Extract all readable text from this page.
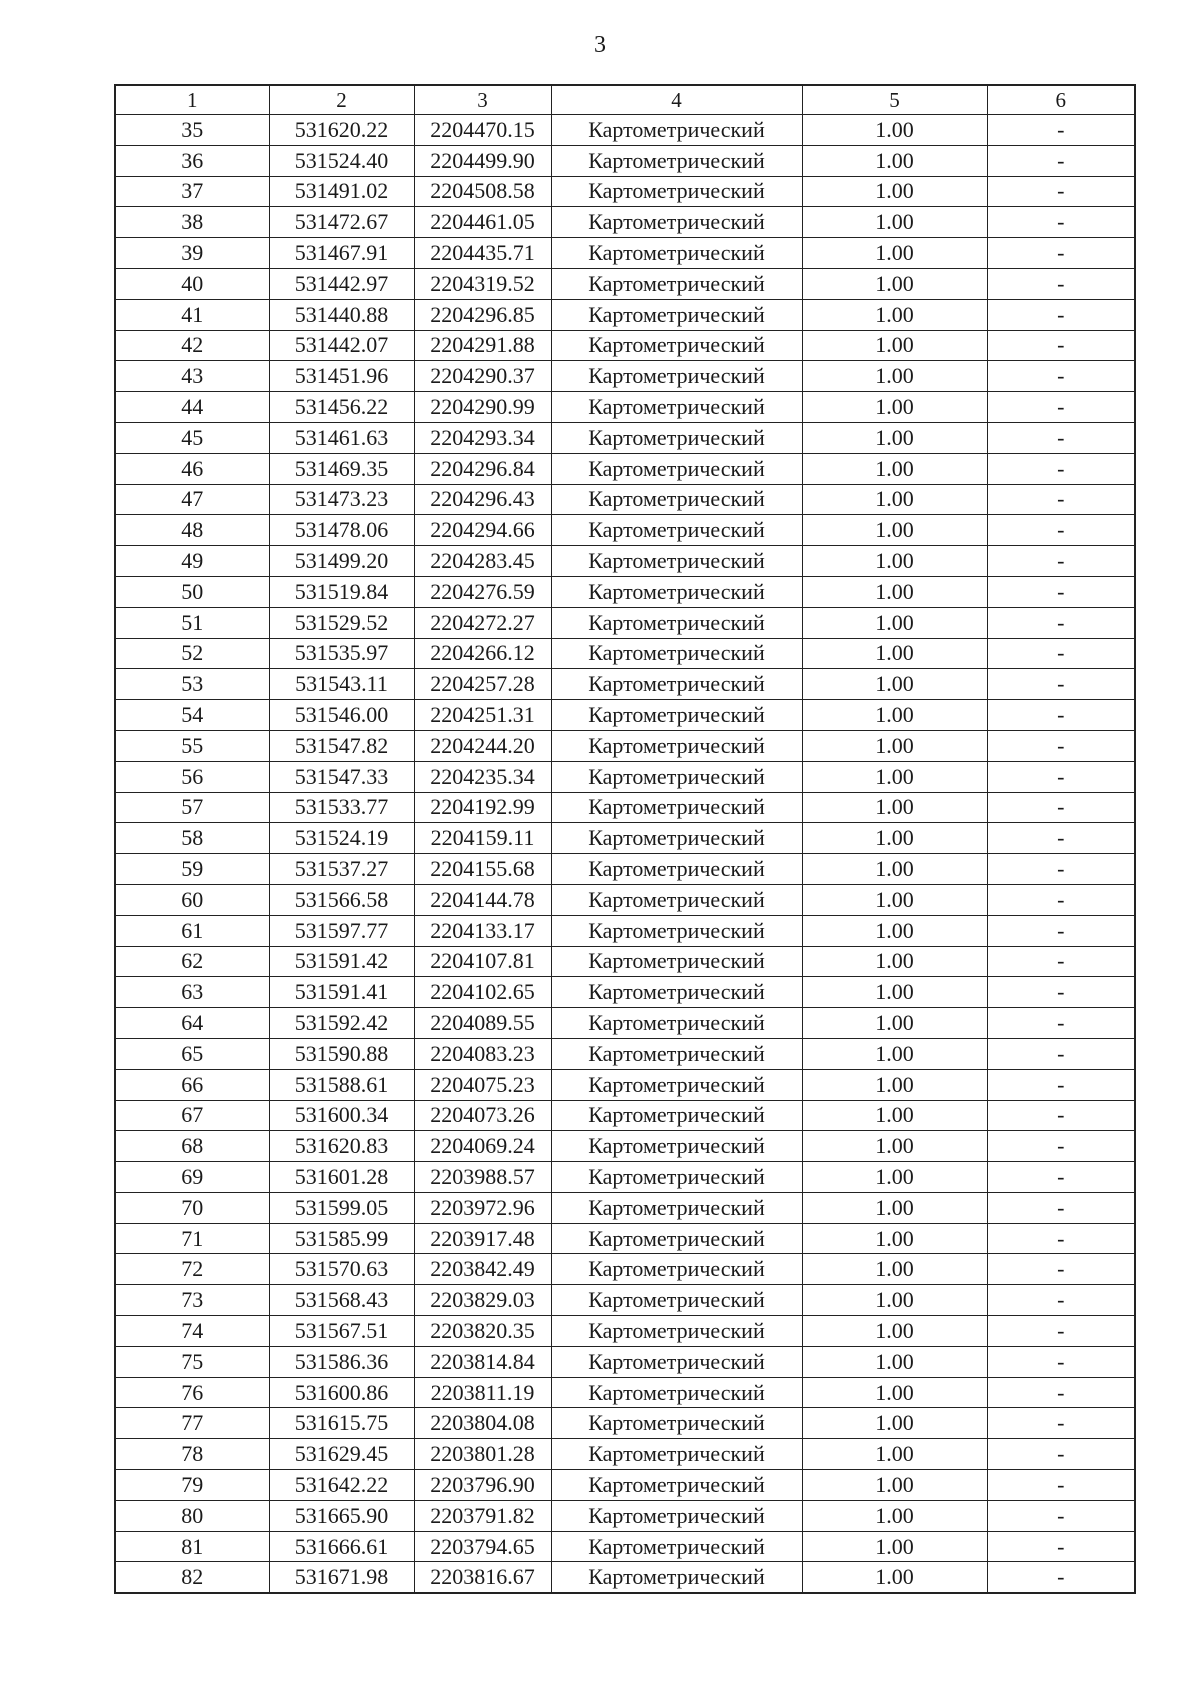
3
1	2	3	4	5	6
35	531620.22	2204470.15	Картометрический	1.00	-
36	531524.40	2204499.90	Картометрический	1.00	-
37	531491.02	2204508.58	Картометрический	1.00	-
38	531472.67	2204461.05	Картометрический	1.00	-
39	531467.91	2204435.71	Картометрический	1.00	-
40	531442.97	2204319.52	Картометрический	1.00	-
41	531440.88	2204296.85	Картометрический	1.00	-
42	531442.07	2204291.88	Картометрический	1.00	-
43	531451.96	2204290.37	Картометрический	1.00	-
44	531456.22	2204290.99	Картометрический	1.00	-
45	531461.63	2204293.34	Картометрический	1.00	-
46	531469.35	2204296.84	Картометрический	1.00	-
47	531473.23	2204296.43	Картометрический	1.00	-
48	531478.06	2204294.66	Картометрический	1.00	-
49	531499.20	2204283.45	Картометрический	1.00	-
50	531519.84	2204276.59	Картометрический	1.00	-
51	531529.52	2204272.27	Картометрический	1.00	-
52	531535.97	2204266.12	Картометрический	1.00	-
53	531543.11	2204257.28	Картометрический	1.00	-
54	531546.00	2204251.31	Картометрический	1.00	-
55	531547.82	2204244.20	Картометрический	1.00	-
56	531547.33	2204235.34	Картометрический	1.00	-
57	531533.77	2204192.99	Картометрический	1.00	-
58	531524.19	2204159.11	Картометрический	1.00	-
59	531537.27	2204155.68	Картометрический	1.00	-
60	531566.58	2204144.78	Картометрический	1.00	-
61	531597.77	2204133.17	Картометрический	1.00	-
62	531591.42	2204107.81	Картометрический	1.00	-
63	531591.41	2204102.65	Картометрический	1.00	-
64	531592.42	2204089.55	Картометрический	1.00	-
65	531590.88	2204083.23	Картометрический	1.00	-
66	531588.61	2204075.23	Картометрический	1.00	-
67	531600.34	2204073.26	Картометрический	1.00	-
68	531620.83	2204069.24	Картометрический	1.00	-
69	531601.28	2203988.57	Картометрический	1.00	-
70	531599.05	2203972.96	Картометрический	1.00	-
71	531585.99	2203917.48	Картометрический	1.00	-
72	531570.63	2203842.49	Картометрический	1.00	-
73	531568.43	2203829.03	Картометрический	1.00	-
74	531567.51	2203820.35	Картометрический	1.00	-
75	531586.36	2203814.84	Картометрический	1.00	-
76	531600.86	2203811.19	Картометрический	1.00	-
77	531615.75	2203804.08	Картометрический	1.00	-
78	531629.45	2203801.28	Картометрический	1.00	-
79	531642.22	2203796.90	Картометрический	1.00	-
80	531665.90	2203791.82	Картометрический	1.00	-
81	531666.61	2203794.65	Картометрический	1.00	-
82	531671.98	2203816.67	Картометрический	1.00	-
